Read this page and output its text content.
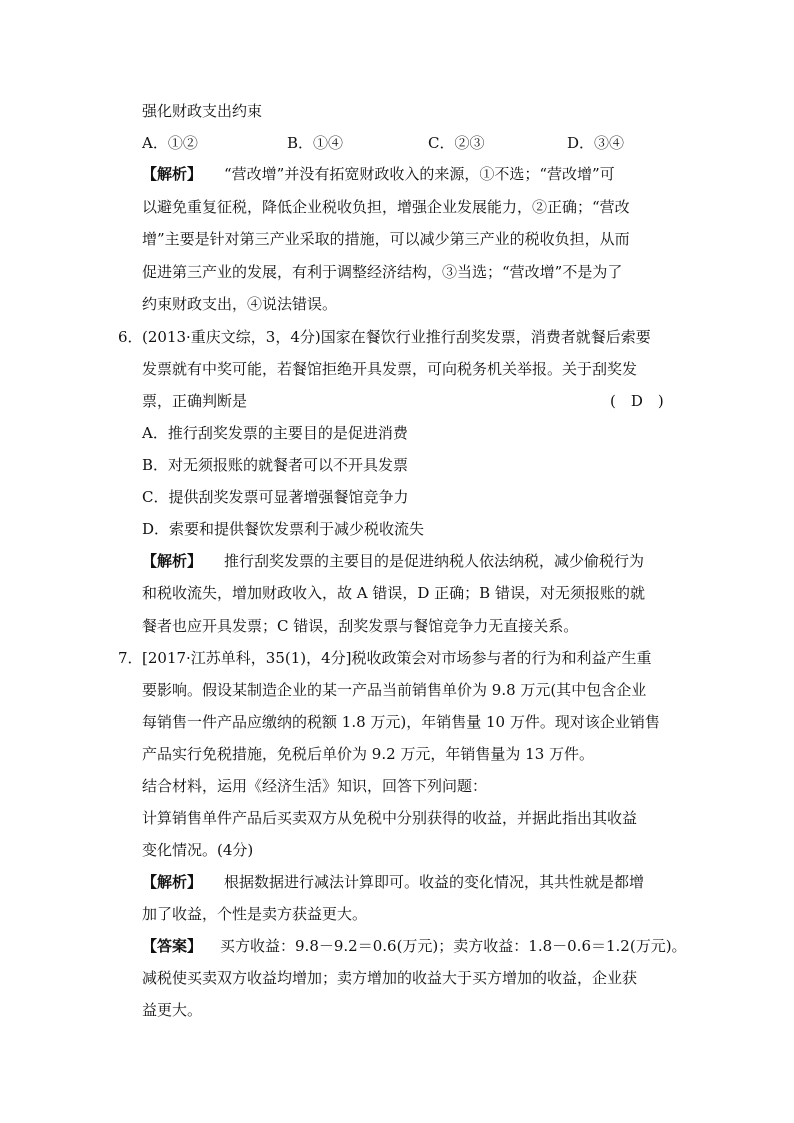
强化财政支出约束
A．①②	B．①④	C．②③	D．③④
【解析】 “营改增”并没有拓宽财政收入的来源，①不选；“营改增”可
以避免重复征税，降低企业税收负担，增强企业发展能力，②正确；“营改
增”主要是针对第三产业采取的措施，可以减少第三产业的税收负担，从而
促进第三产业的发展，有利于调整经济结构，③当选；“营改增”不是为了
约束财政支出，④说法错误。
6． (2013·重庆文综，3，4分)国家在餐饮行业推行刮奖发票，消费者就餐后索要
发票就有中奖可能，若餐馆拒绝开具发票，可向税务机关举报。关于刮奖发
票，正确判断是	(　D　)
A．推行刮奖发票的主要目的是促进消费
B．对无须报账的就餐者可以不开具发票
C．提供刮奖发票可显著增强餐馆竞争力
D．索要和提供餐饮发票利于减少税收流失
【解析】 推行刮奖发票的主要目的是促进纳税人依法纳税，减少偷税行为
和税收流失，增加财政收入，故 A 错误，D 正确；B 错误，对无须报账的就
餐者也应开具发票；C 错误，刮奖发票与餐馆竞争力无直接关系。
7． [2017·江苏单科，35(1)，4分]税收政策会对市场参与者的行为和利益产生重
要影响。假设某制造企业的某一产品当前销售单价为 9.8 万元(其中包含企业
每销售一件产品应缴纳的税额 1.8 万元)，年销售量 10 万件。现对该企业销售
产品实行免税措施，免税后单价为 9.2 万元，年销售量为 13 万件。
结合材料，运用《经济生活》知识，回答下列问题：
计算销售单件产品后买卖双方从免税中分别获得的收益，并据此指出其收益
变化情况。(4分)
【解析】 根据数据进行减法计算即可。收益的变化情况，其共性就是都增
加了收益，个性是卖方获益更大。
【答案】 买方收益：9.8－9.2＝0.6(万元)；卖方收益：1.8－0.6＝1.2(万元)。
减税使买卖双方收益均增加；卖方增加的收益大于买方增加的收益，企业获
益更大。
